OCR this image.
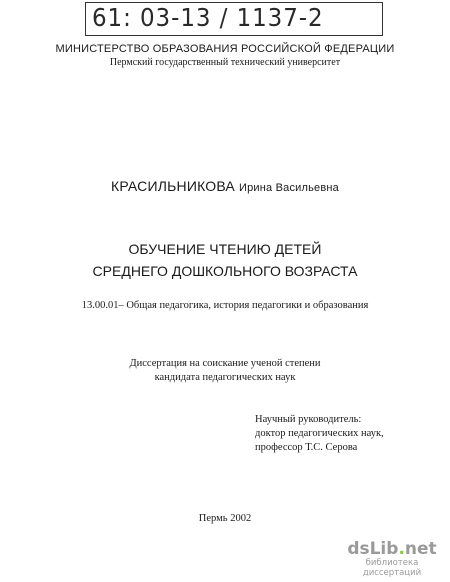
61: 03-13 / 1137-2
МИНИСТЕРСТВО ОБРАЗОВАНИЯ РОССИЙСКОЙ ФЕДЕРАЦИИ
Пермский государственный технический университет
КРАСИЛЬНИКОВА Ирина Васильевна
ОБУЧЕНИЕ ЧТЕНИЮ ДЕТЕЙ
СРЕДНЕГО ДОШКОЛЬНОГО ВОЗРАСТА
13.00.01– Общая педагогика, история педагогики и образования
Диссертация на соискание ученой степени
кандидата педагогических наук
Научный руководитель:
доктор педагогических наук,
профессор Т.С. Серова
Пермь 2002
dsLib.net
библиотека диссертаций
